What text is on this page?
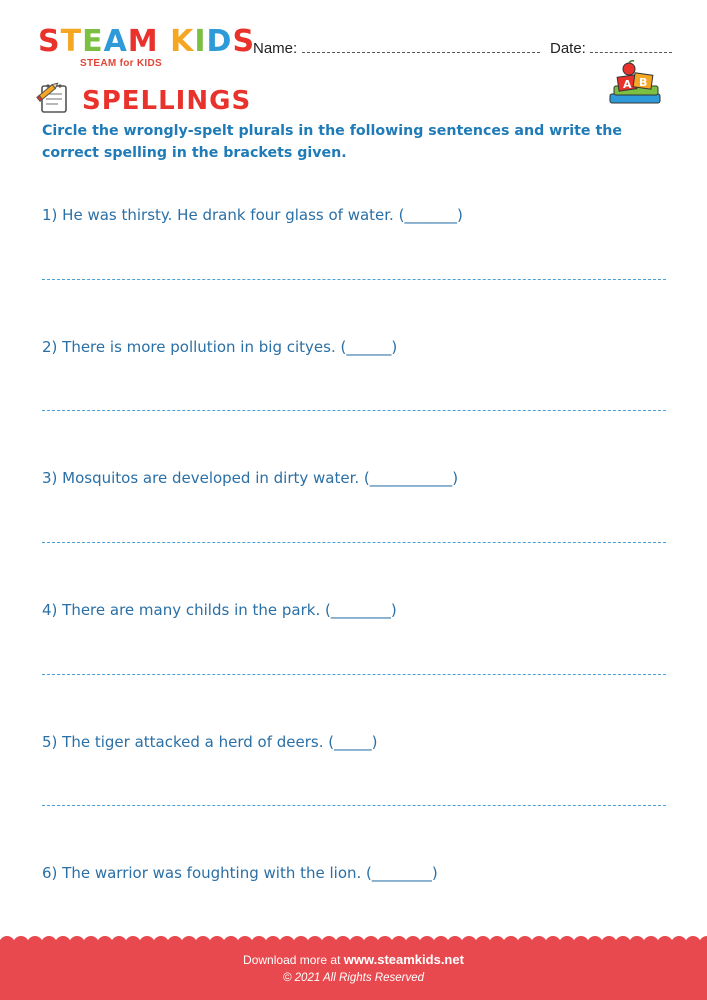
STEAM KIDS
STEAM for KIDS
Name:	Date:
SPELLINGS
A B
Circle the wrongly-spelt plurals in the following sentences and write the correct spelling in the brackets given.
1) He was thirsty. He drank four glass of water. (_______)
2) There is more pollution in big cityes. (______)
3) Mosquitos are developed in dirty water. (___________)
4) There are many childs in the park. (________)
5) The tiger attacked a herd of deers. (_____)
6) The warrior was foughting with the lion. (________)
Download more at www.steamkids.net
© 2021 All Rights Reserved
